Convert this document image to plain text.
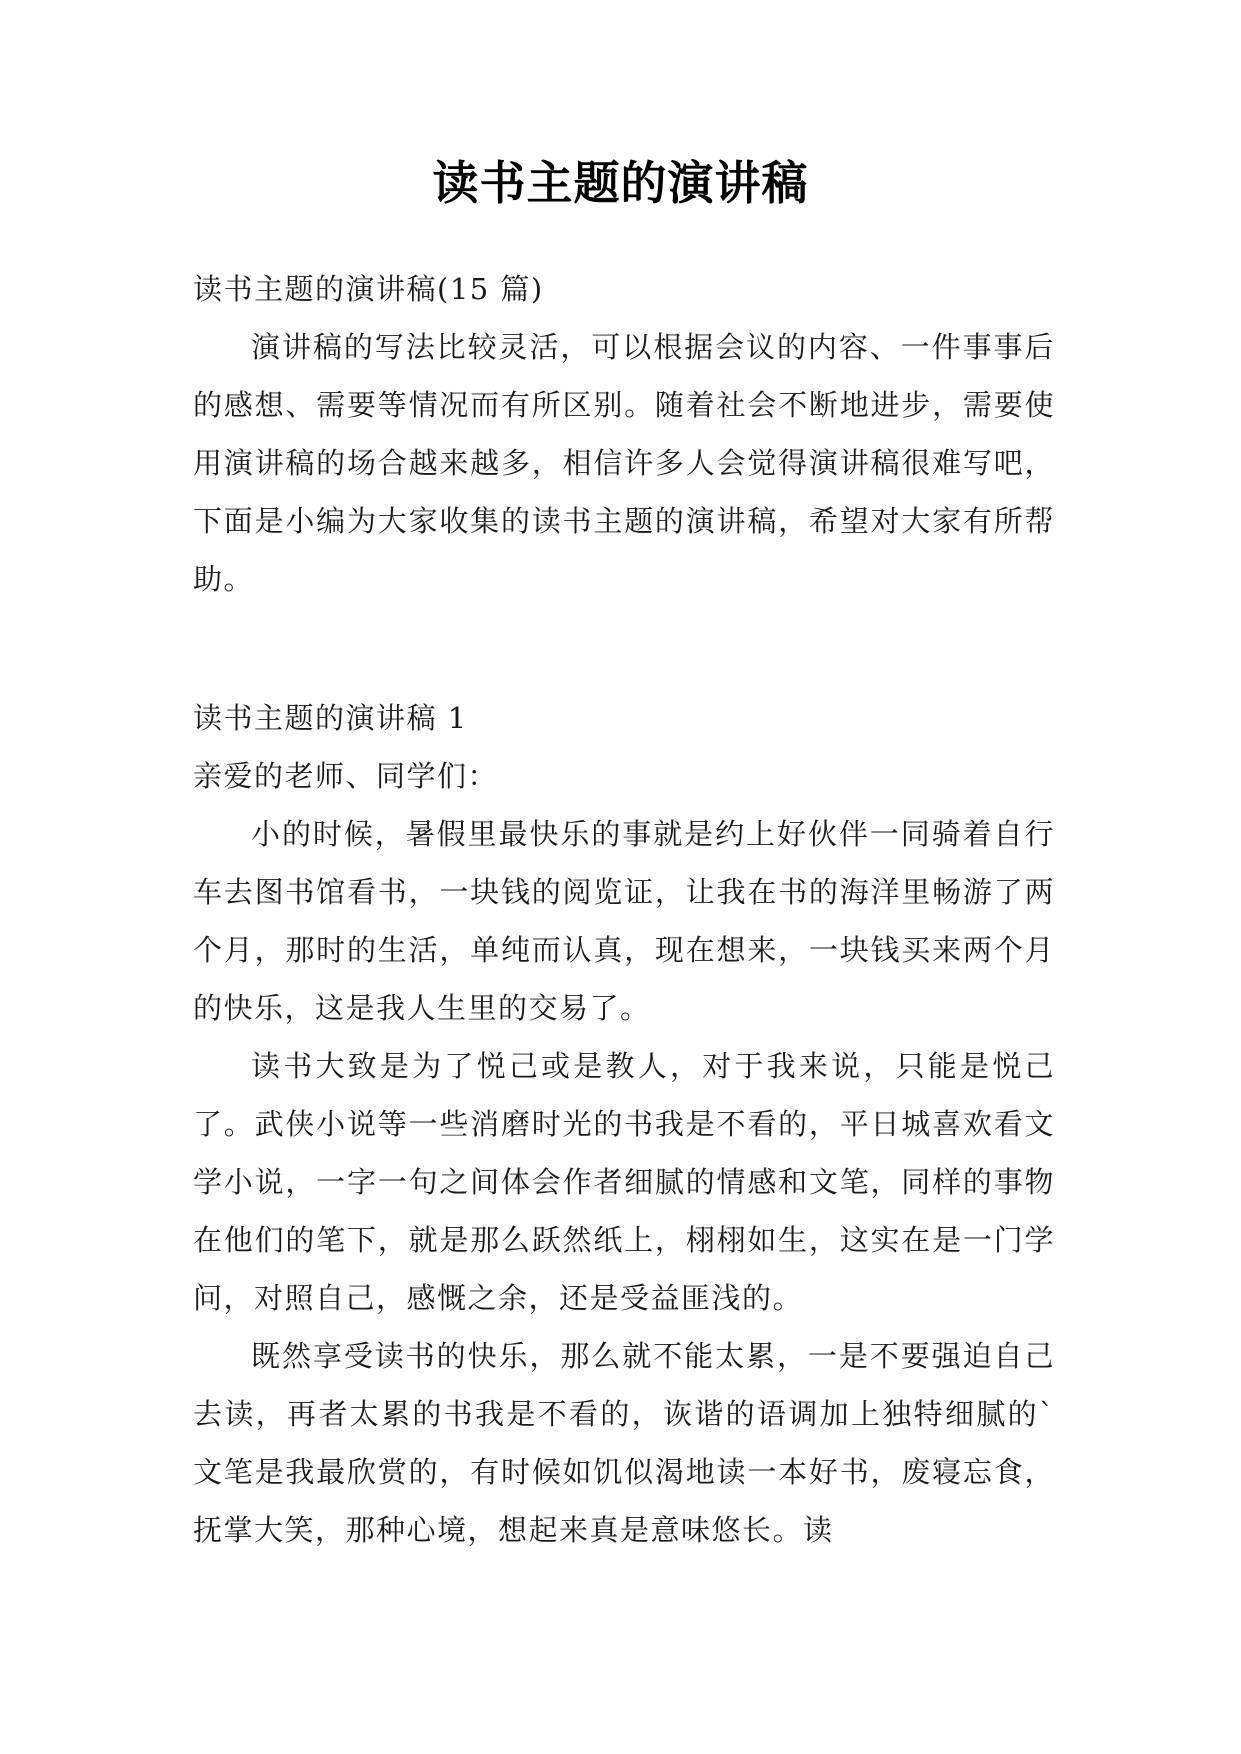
读书主题的演讲稿

读书主题的演讲稿(15 篇)

演讲稿的写法比较灵活，可以根据会议的内容、一件事事后的感想、需要等情况而有所区别。随着社会不断地进步，需要使用演讲稿的场合越来越多，相信许多人会觉得演讲稿很难写吧，下面是小编为大家收集的读书主题的演讲稿，希望对大家有所帮助。

读书主题的演讲稿 1

亲爱的老师、同学们：

小的时候，暑假里最快乐的事就是约上好伙伴一同骑着自行车去图书馆看书，一块钱的阅览证，让我在书的海洋里畅游了两个月，那时的生活，单纯而认真，现在想来，一块钱买来两个月的快乐，这是我人生里的交易了。

读书大致是为了悦己或是教人，对于我来说，只能是悦己了。武侠小说等一些消磨时光的书我是不看的，平日城喜欢看文学小说，一字一句之间体会作者细腻的情感和文笔，同样的事物在他们的笔下，就是那么跃然纸上，栩栩如生，这实在是一门学问，对照自己，感慨之余，还是受益匪浅的。

既然享受读书的快乐，那么就不能太累，一是不要强迫自己去读，再者太累的书我是不看的，诙谐的语调加上独特细腻的`文笔是我最欣赏的，有时候如饥似渴地读一本好书，废寝忘食，抚掌大笑，那种心境，想起来真是意味悠长。读
